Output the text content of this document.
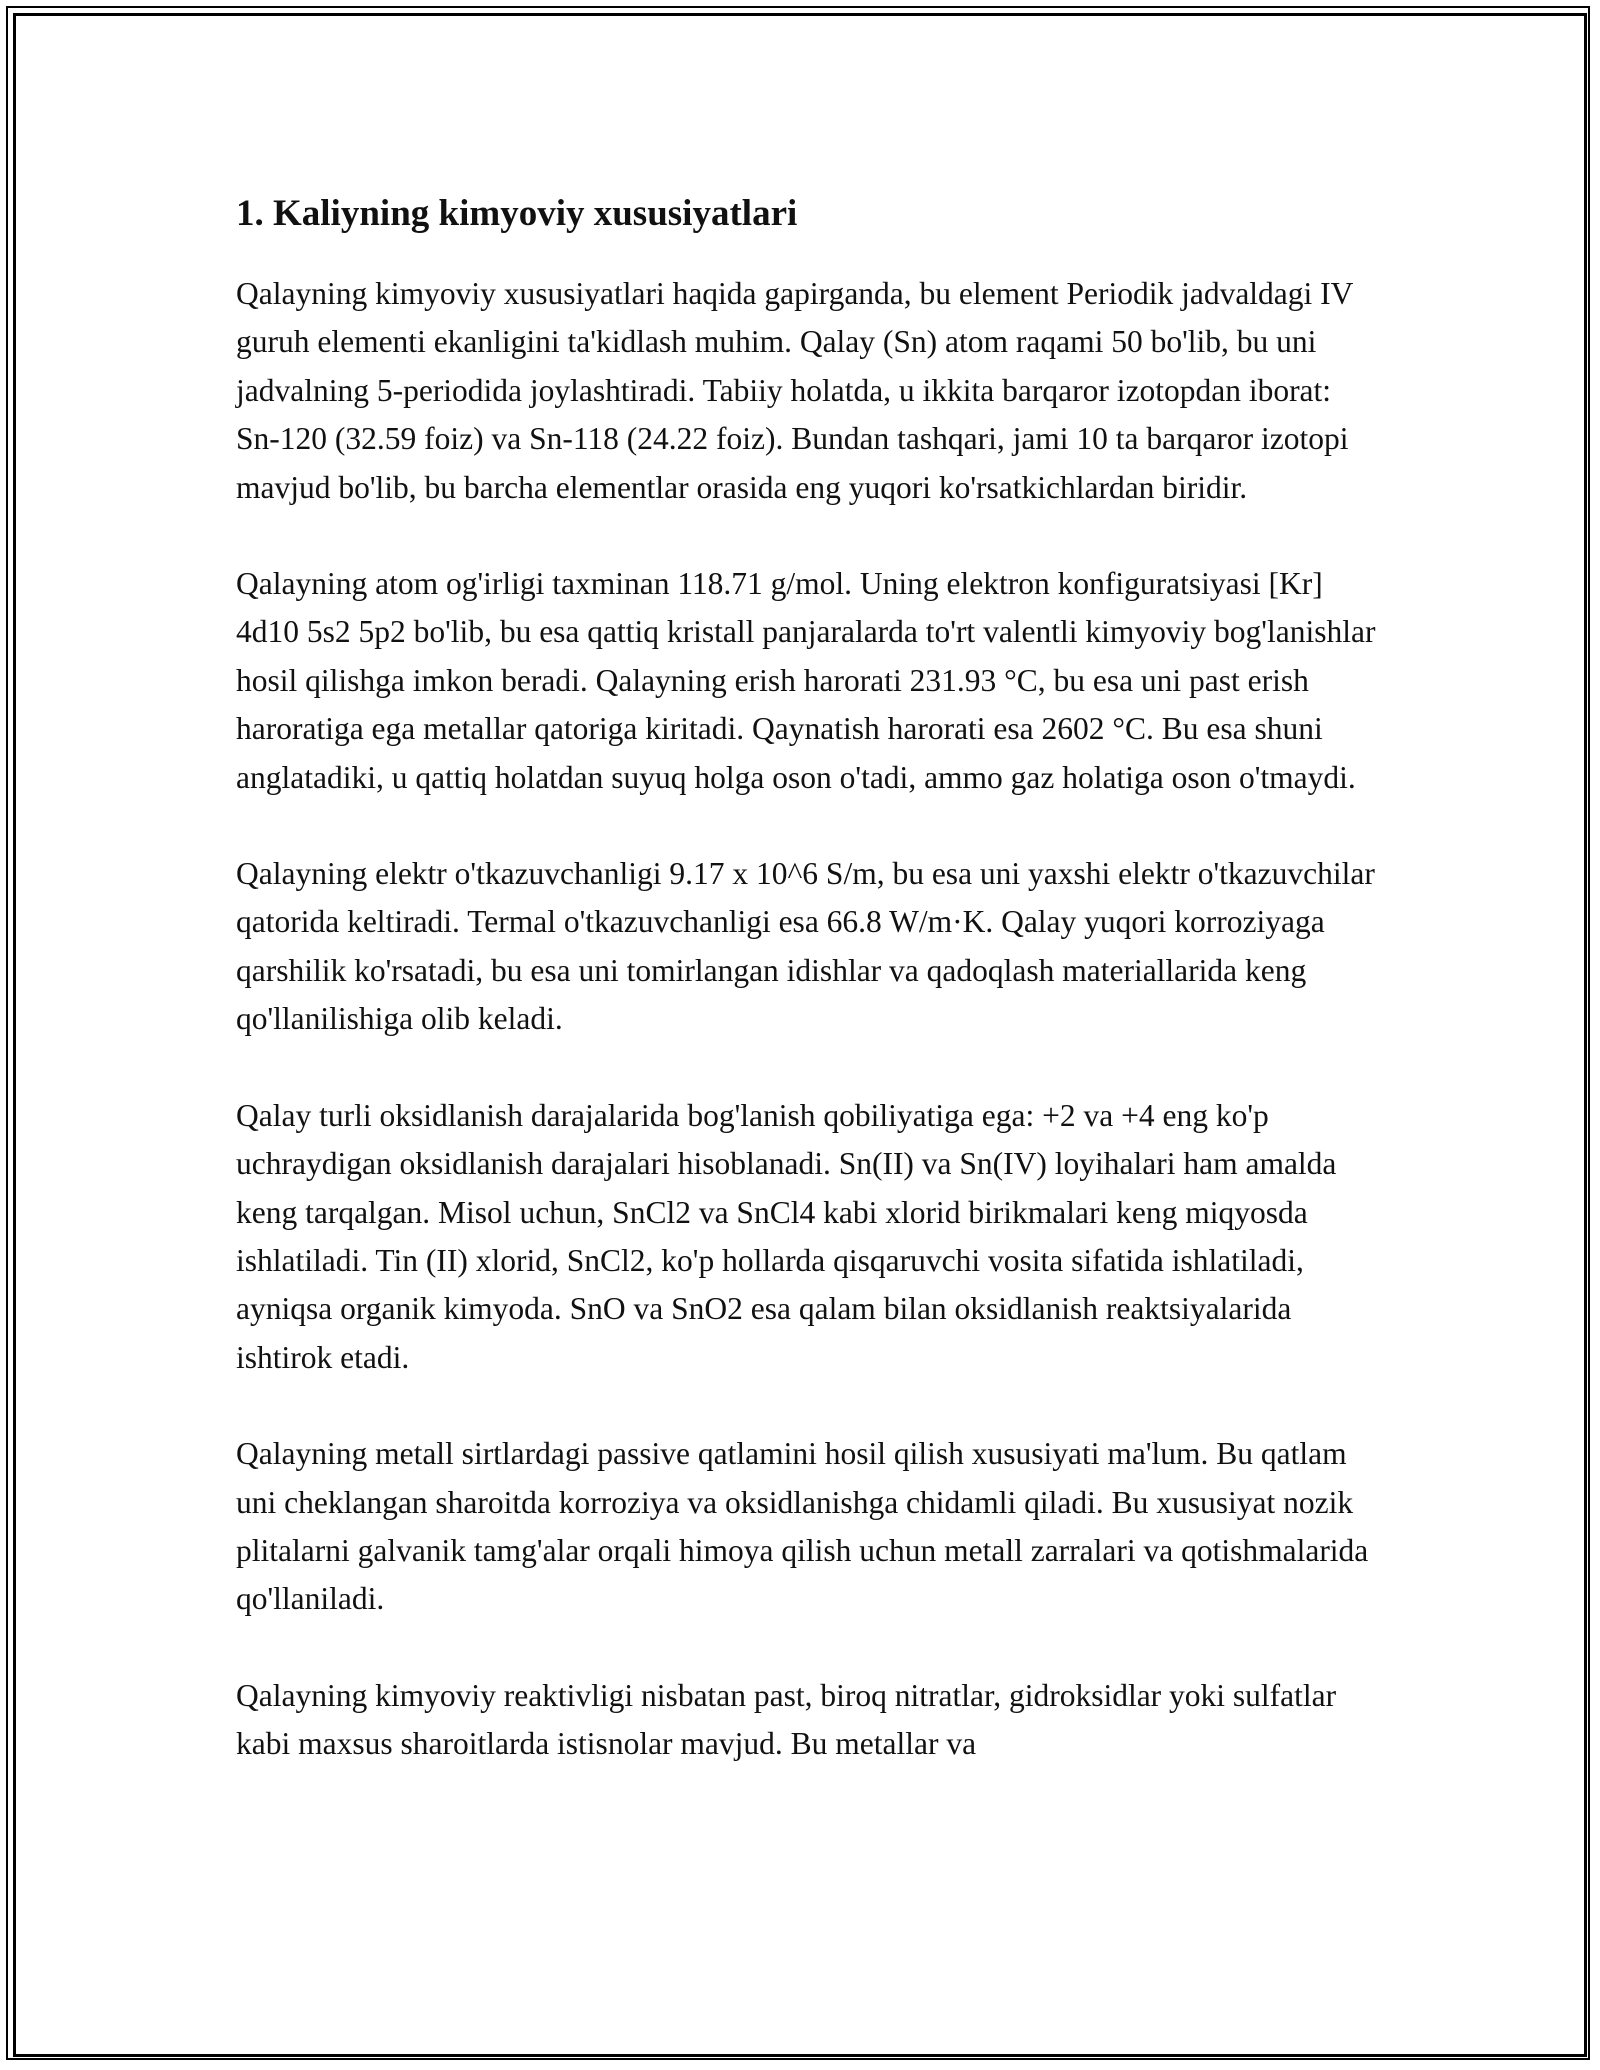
1. Kaliyning kimyoviy xususiyatlari

Qalayning kimyoviy xususiyatlari haqida gapirganda, bu element Periodik jadvaldagi IV guruh elementi ekanligini ta'kidlash muhim. Qalay (Sn) atom raqami 50 bo'lib, bu uni jadvalning 5-periodida joylashtiradi. Tabiiy holatda, u ikkita barqaror izotopdan iborat: Sn-120 (32.59 foiz) va Sn-118 (24.22 foiz). Bundan tashqari, jami 10 ta barqaror izotopi mavjud bo'lib, bu barcha elementlar orasida eng yuqori ko'rsatkichlardan biridir.

Qalayning atom og'irligi taxminan 118.71 g/mol. Uning elektron konfiguratsiyasi [Kr] 4d10 5s2 5p2 bo'lib, bu esa qattiq kristall panjaralarda to'rt valentli kimyoviy bog'lanishlar hosil qilishga imkon beradi. Qalayning erish harorati 231.93 °C, bu esa uni past erish haroratiga ega metallar qatoriga kiritadi. Qaynatish harorati esa 2602 °C. Bu esa shuni anglatadiki, u qattiq holatdan suyuq holga oson o'tadi, ammo gaz holatiga oson o'tmaydi.

Qalayning elektr o'tkazuvchanligi 9.17 x 10^6 S/m, bu esa uni yaxshi elektr o'tkazuvchilar qatorida keltiradi. Termal o'tkazuvchanligi esa 66.8 W/m·K. Qalay yuqori korroziyaga qarshilik ko'rsatadi, bu esa uni tomirlangan idishlar va qadoqlash materiallarida keng qo'llanilishiga olib keladi.

Qalay turli oksidlanish darajalarida bog'lanish qobiliyatiga ega: +2 va +4 eng ko'p uchraydigan oksidlanish darajalari hisoblanadi. Sn(II) va Sn(IV) loyihalari ham amalda keng tarqalgan. Misol uchun, SnCl2 va SnCl4 kabi xlorid birikmalari keng miqyosda ishlatiladi. Tin (II) xlorid, SnCl2, ko'p hollarda qisqaruvchi vosita sifatida ishlatiladi, ayniqsa organik kimyoda. SnO va SnO2 esa qalam bilan oksidlanish reaktsiyalarida ishtirok etadi.

Qalayning metall sirtlardagi passive qatlamini hosil qilish xususiyati ma'lum. Bu qatlam uni cheklangan sharoitda korroziya va oksidlanishga chidamli qiladi. Bu xususiyat nozik plitalarni galvanik tamg'alar orqali himoya qilish uchun metall zarralari va qotishmalarida qo'llaniladi.

Qalayning kimyoviy reaktivligi nisbatan past, biroq nitratlar, gidroksidlar yoki sulfatlar kabi maxsus sharoitlarda istisnolar mavjud. Bu metallar va
